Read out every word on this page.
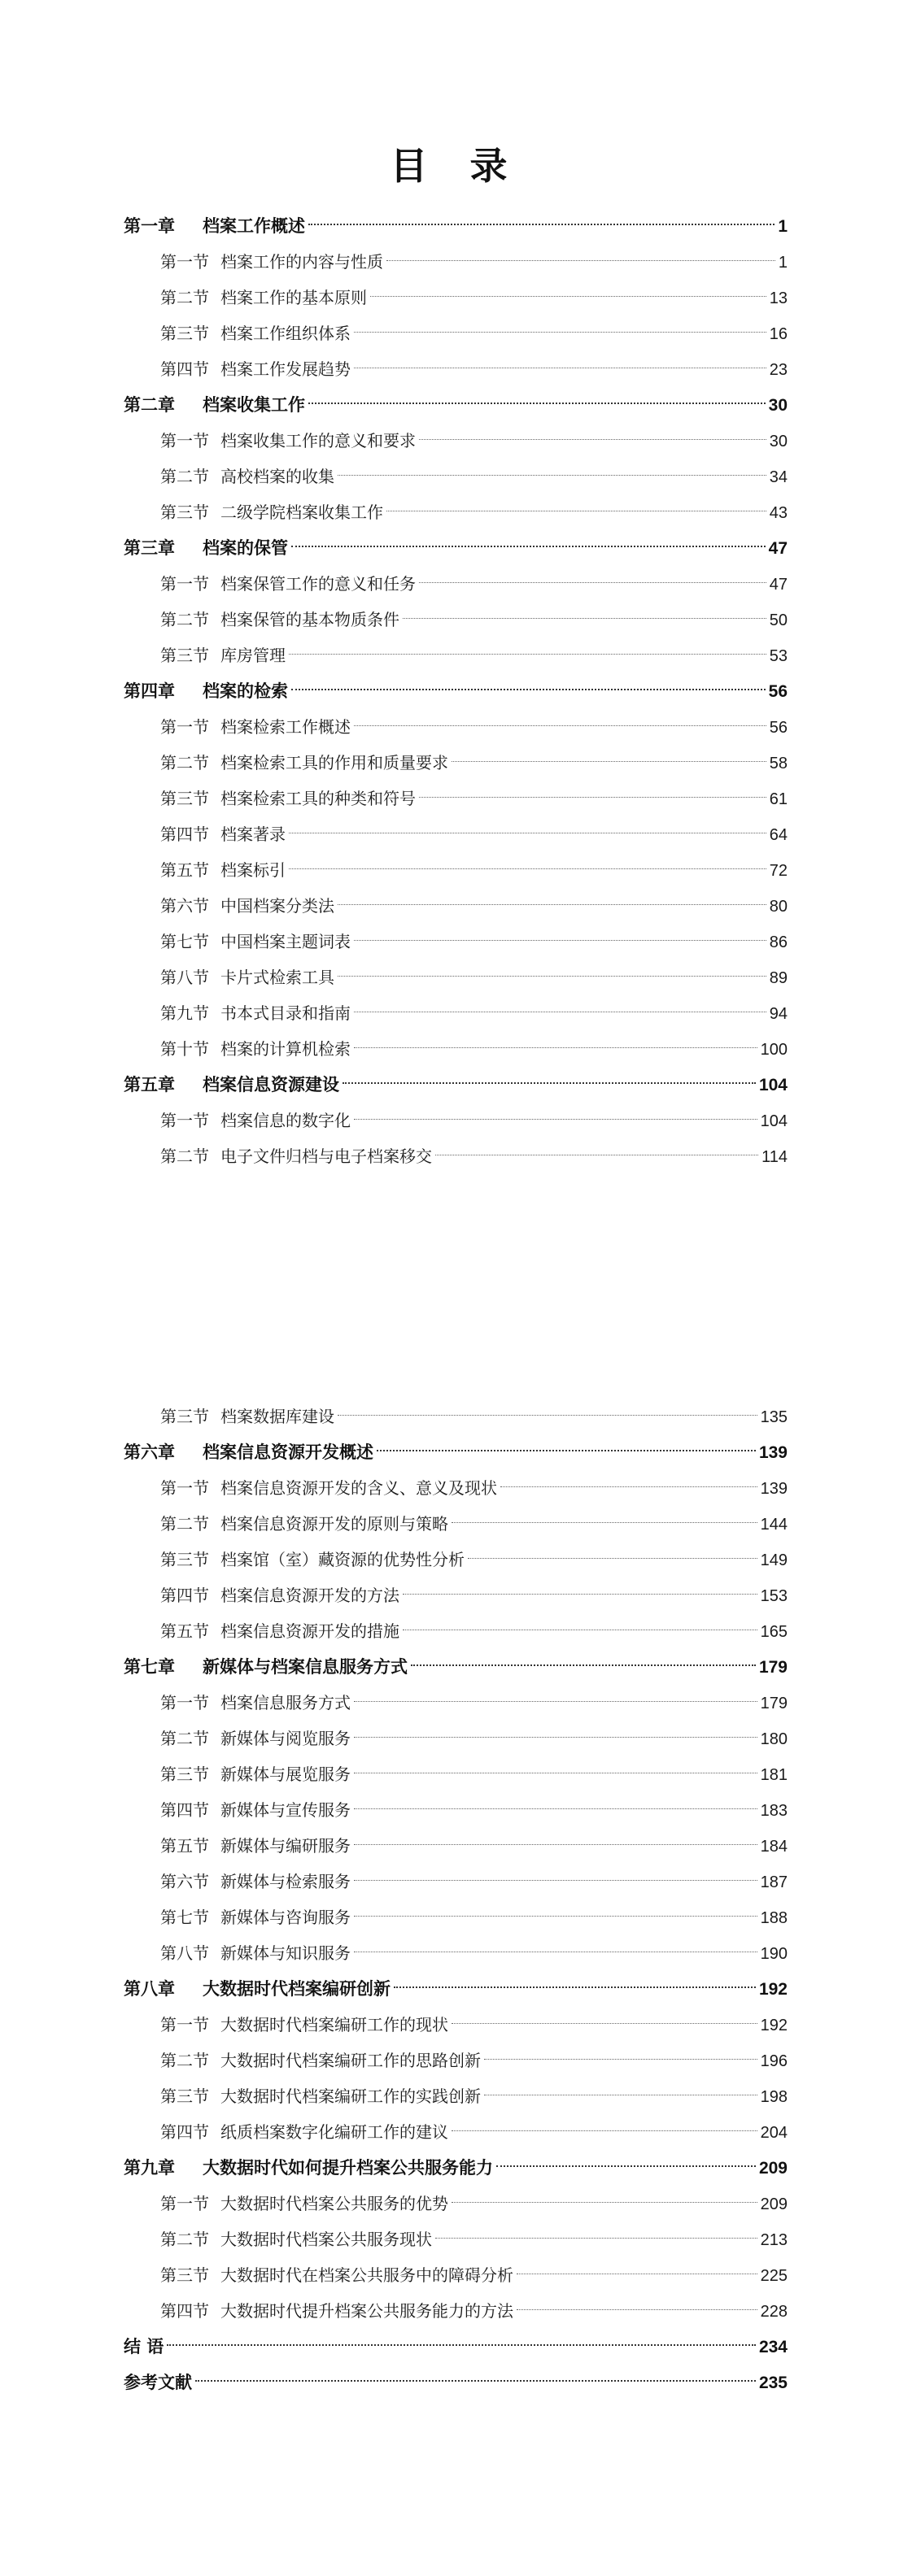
目 录
第一章 档案工作概述	1
第一节 档案工作的内容与性质	1
第二节 档案工作的基本原则	13
第三节 档案工作组织体系	16
第四节 档案工作发展趋势	23
第二章 档案收集工作	30
第一节 档案收集工作的意义和要求	30
第二节 高校档案的收集	34
第三节 二级学院档案收集工作	43
第三章 档案的保管	47
第一节 档案保管工作的意义和任务	47
第二节 档案保管的基本物质条件	50
第三节 库房管理	53
第四章 档案的检索	56
第一节 档案检索工作概述	56
第二节 档案检索工具的作用和质量要求	58
第三节 档案检索工具的种类和符号	61
第四节 档案著录	64
第五节 档案标引	72
第六节 中国档案分类法	80
第七节 中国档案主题词表	86
第八节 卡片式检索工具	89
第九节 书本式目录和指南	94
第十节 档案的计算机检索	100
第五章 档案信息资源建设	104
第一节 档案信息的数字化	104
第二节 电子文件归档与电子档案移交	114
第三节 档案数据库建设	135
第六章 档案信息资源开发概述	139
第一节 档案信息资源开发的含义、意义及现状	139
第二节 档案信息资源开发的原则与策略	144
第三节 档案馆（室）藏资源的优势性分析	149
第四节 档案信息资源开发的方法	153
第五节 档案信息资源开发的措施	165
第七章 新媒体与档案信息服务方式	179
第一节 档案信息服务方式	179
第二节 新媒体与阅览服务	180
第三节 新媒体与展览服务	181
第四节 新媒体与宣传服务	183
第五节 新媒体与编研服务	184
第六节 新媒体与检索服务	187
第七节 新媒体与咨询服务	188
第八节 新媒体与知识服务	190
第八章 大数据时代档案编研创新	192
第一节 大数据时代档案编研工作的现状	192
第二节 大数据时代档案编研工作的思路创新	196
第三节 大数据时代档案编研工作的实践创新	198
第四节 纸质档案数字化编研工作的建议	204
第九章 大数据时代如何提升档案公共服务能力	209
第一节 大数据时代档案公共服务的优势	209
第二节 大数据时代档案公共服务现状	213
第三节 大数据时代在档案公共服务中的障碍分析	225
第四节 大数据时代提升档案公共服务能力的方法	228
结 语	234
参考文献	235
